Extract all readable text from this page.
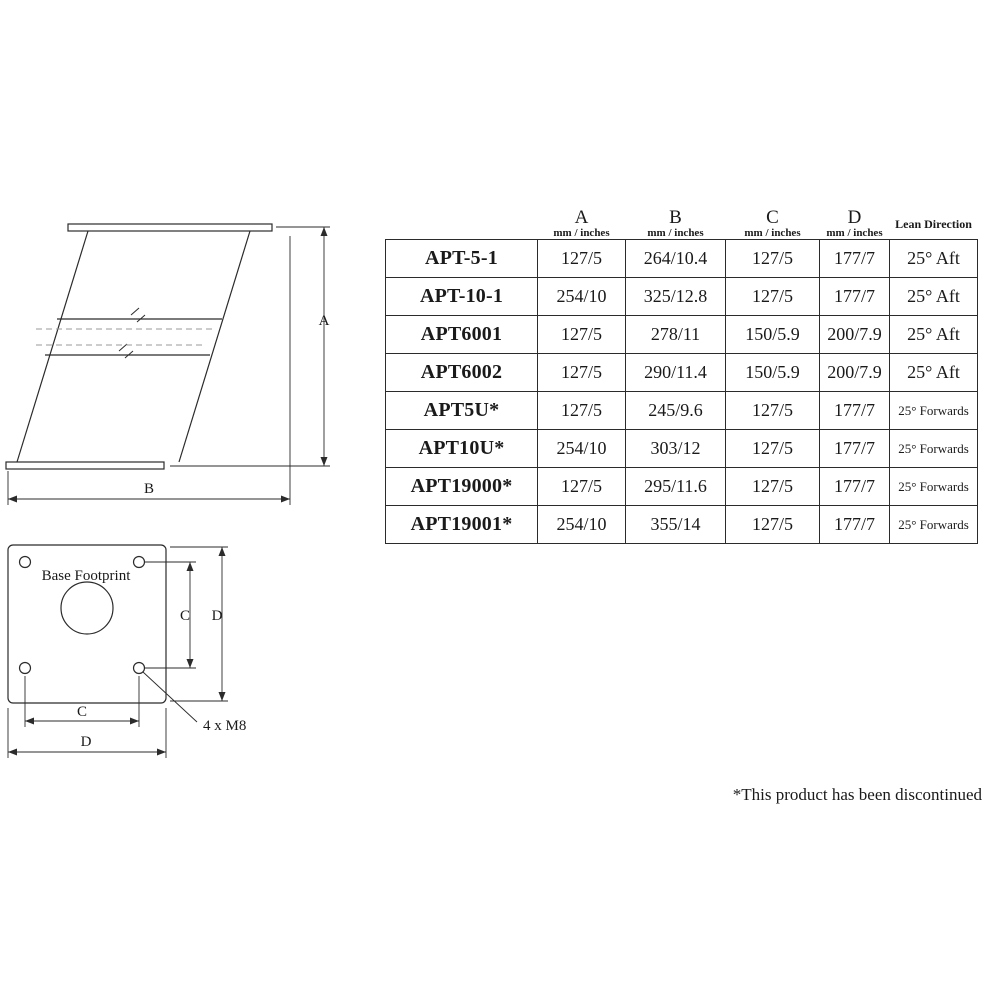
A
B
Base Footprint
C D
C
D
4 x M8
	A	B	C	D	Lean Direction
	mm / inches	mm / inches	mm / inches	mm / inches	
APT-5-1	127/5	264/10.4	127/5	177/7	25° Aft
APT-10-1	254/10	325/12.8	127/5	177/7	25° Aft
APT6001	127/5	278/11	150/5.9	200/7.9	25° Aft
APT6002	127/5	290/11.4	150/5.9	200/7.9	25° Aft
APT5U*	127/5	245/9.6	127/5	177/7	25° Forwards
APT10U*	254/10	303/12	127/5	177/7	25° Forwards
APT19000*	127/5	295/11.6	127/5	177/7	25° Forwards
APT19001*	254/10	355/14	127/5	177/7	25° Forwards
*This product has been discontinued
